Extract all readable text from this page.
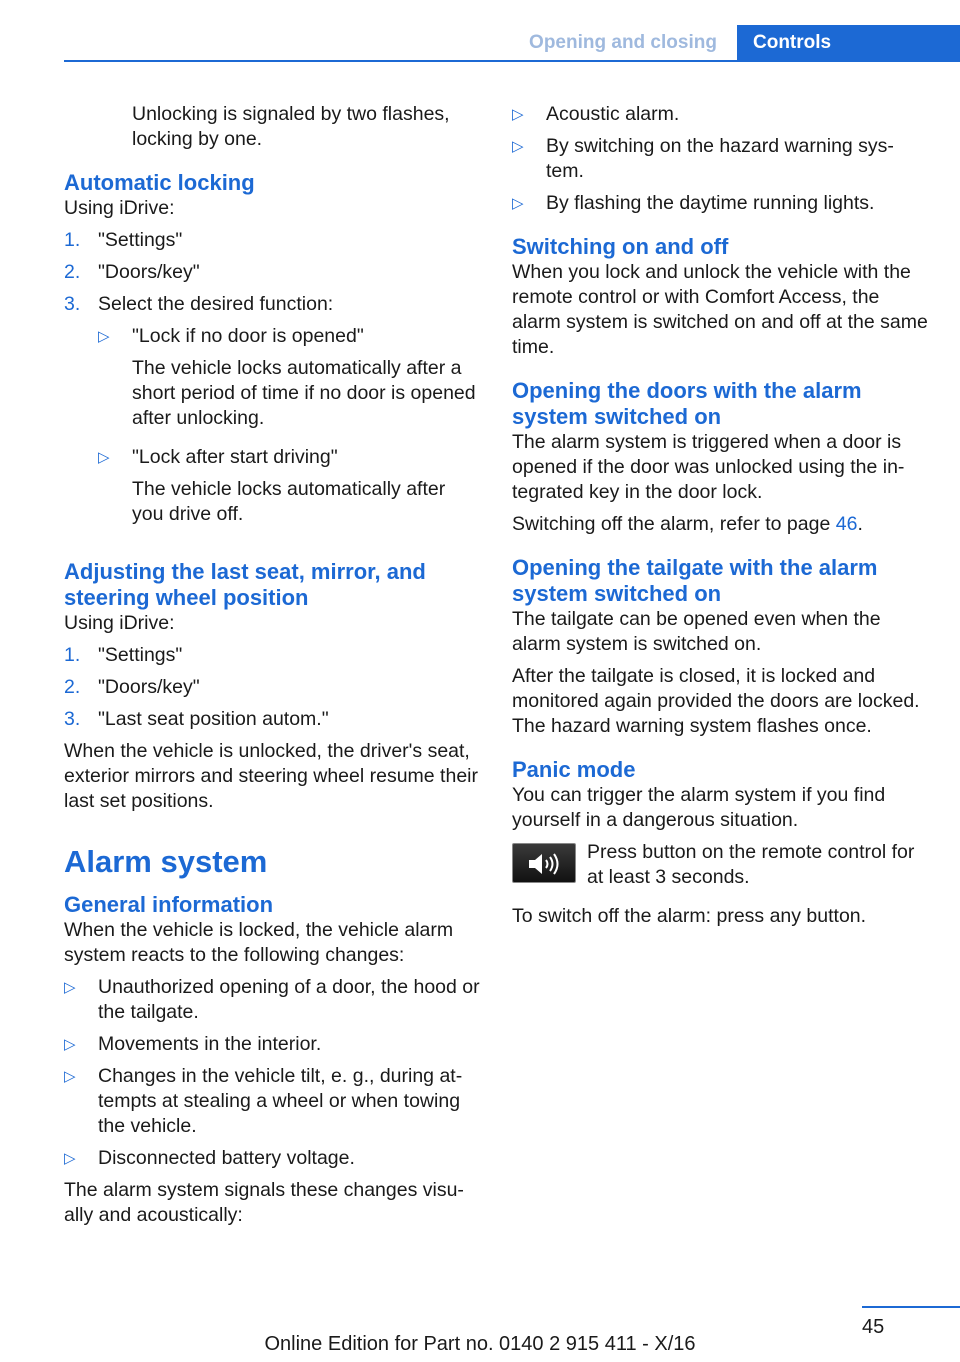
Opening and closing	Controls

Unlocking is signaled by two flashes, locking by one.

Automatic locking

Using iDrive:

1. "Settings"
2. "Doors/key"
3. Select the desired function:
▷	"Lock if no door is opened"

The vehicle locks automatically after a short period of time if no door is opened after unlocking.

▷	"Lock after start driving"

The vehicle locks automatically after you drive off.

Adjusting the last seat, mirror, and steering wheel position

Using iDrive:

1. "Settings"
2. "Doors/key"
3. "Last seat position autom."

When the vehicle is unlocked, the driver's seat, exterior mirrors and steering wheel resume their last set positions.

Alarm system
General information

When the vehicle is locked, the vehicle alarm system reacts to the following changes:

▷	Unauthorized opening of a door, the hood or the tailgate.
▷	Movements in the interior.
▷	Changes in the vehicle tilt, e. g., during at-tempts at stealing a wheel or when towing the vehicle.
▷	Disconnected battery voltage.

The alarm system signals these changes visu-ally and acoustically:

▷	Acoustic alarm.
▷	By switching on the hazard warning sys-tem.
▷	By flashing the daytime running lights.
Switching on and off

When you lock and unlock the vehicle with the remote control or with Comfort Access, the alarm system is switched on and off at the same time.

Opening the doors with the alarm system switched on

The alarm system is triggered when a door is opened if the door was unlocked using the in-tegrated key in the door lock.

Switching off the alarm, refer to page 46.

Opening the tailgate with the alarm system switched on

The tailgate can be opened even when the alarm system is switched on.

After the tailgate is closed, it is locked and monitored again provided the doors are locked. The hazard warning system flashes once.

Panic mode

You can trigger the alarm system if you find yourself in a dangerous situation.

Press button on the remote control for at least 3 seconds.

To switch off the alarm: press any button.

45
Online Edition for Part no. 0140 2 915 411 - X/16
